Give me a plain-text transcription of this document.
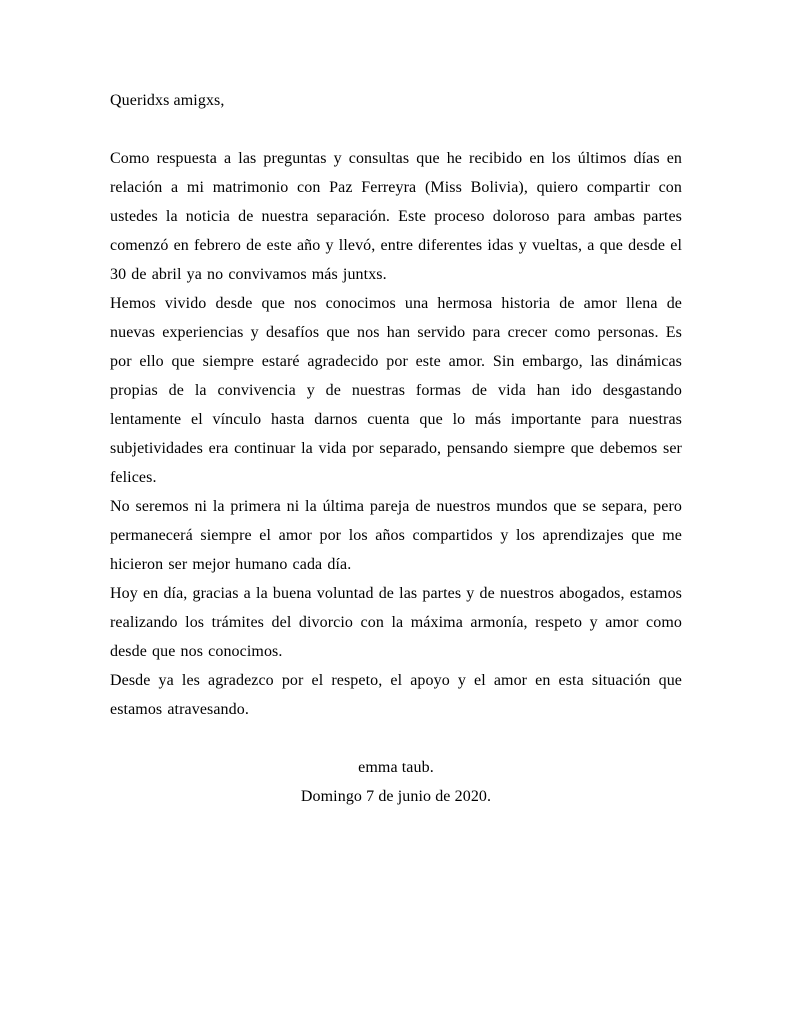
Queridxs amigxs,

Como respuesta a las preguntas y consultas que he recibido en los últimos días en relación a mi matrimonio con Paz Ferreyra (Miss Bolivia), quiero compartir con ustedes la noticia de nuestra separación. Este proceso doloroso para ambas partes comenzó en febrero de este año y llevó, entre diferentes idas y vueltas, a que desde el 30 de abril ya no convivamos más juntxs.

Hemos vivido desde que nos conocimos una hermosa historia de amor llena de nuevas experiencias y desafíos que nos han servido para crecer como personas. Es por ello que siempre estaré agradecido por este amor. Sin embargo, las dinámicas propias de la convivencia y de nuestras formas de vida han ido desgastando lentamente el vínculo hasta darnos cuenta que lo más importante para nuestras subjetividades era continuar la vida por separado, pensando siempre que debemos ser felices.

No seremos ni la primera ni la última pareja de nuestros mundos que se separa, pero permanecerá siempre el amor por los años compartidos y los aprendizajes que me hicieron ser mejor humano cada día.

Hoy en día, gracias a la buena voluntad de las partes y de nuestros abogados, estamos realizando los trámites del divorcio con la máxima armonía, respeto y amor como desde que nos conocimos.

Desde ya les agradezco por el respeto, el apoyo y el amor en esta situación que estamos atravesando.

emma taub.

Domingo 7 de junio de 2020.
